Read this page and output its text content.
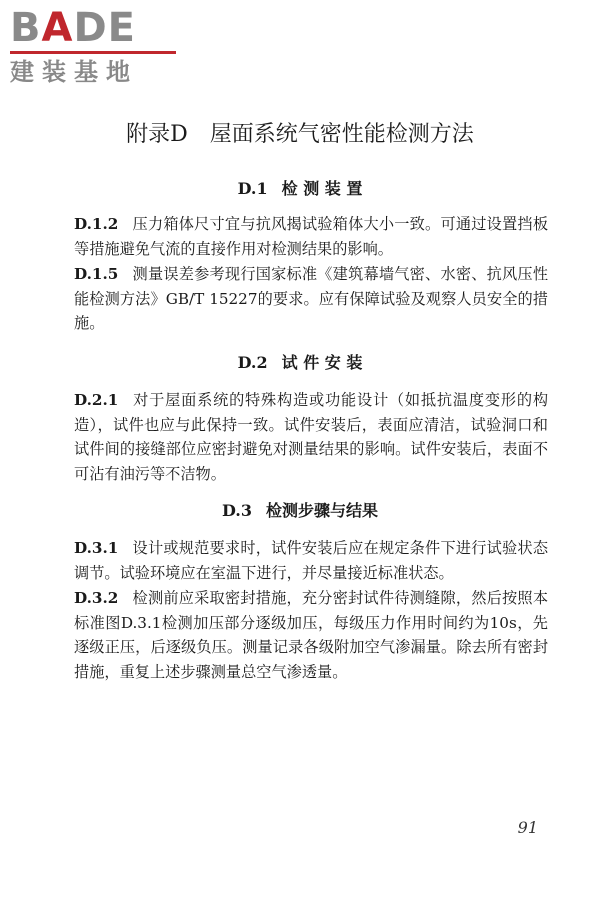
BADE
建装基地
附录D　屋面系统气密性能检测方法
D.1 检 测 装 置

D.1.2 压力箱体尺寸宜与抗风揭试验箱体大小一致。可通过设置挡板等措施避免气流的直接作用对检测结果的影响。

D.1.5 测量误差参考现行国家标准《建筑幕墙气密、水密、抗风压性能检测方法》GB/T 15227的要求。应有保障试验及观察人员安全的措施。

D.2 试 件 安 装

D.2.1 对于屋面系统的特殊构造或功能设计（如抵抗温度变形的构造），试件也应与此保持一致。试件安装后，表面应清洁，试验洞口和试件间的接缝部位应密封避免对测量结果的影响。试件安装后，表面不可沾有油污等不洁物。

D.3 检测步骤与结果

D.3.1 设计或规范要求时，试件安装后应在规定条件下进行试验状态调节。试验环境应在室温下进行，并尽量接近标准状态。

D.3.2 检测前应采取密封措施，充分密封试件待测缝隙，然后按照本标准图D.3.1检测加压部分逐级加压，每级压力作用时间约为10s，先逐级正压，后逐级负压。测量记录各级附加空气渗漏量。除去所有密封措施，重复上述步骤测量总空气渗透量。

91
